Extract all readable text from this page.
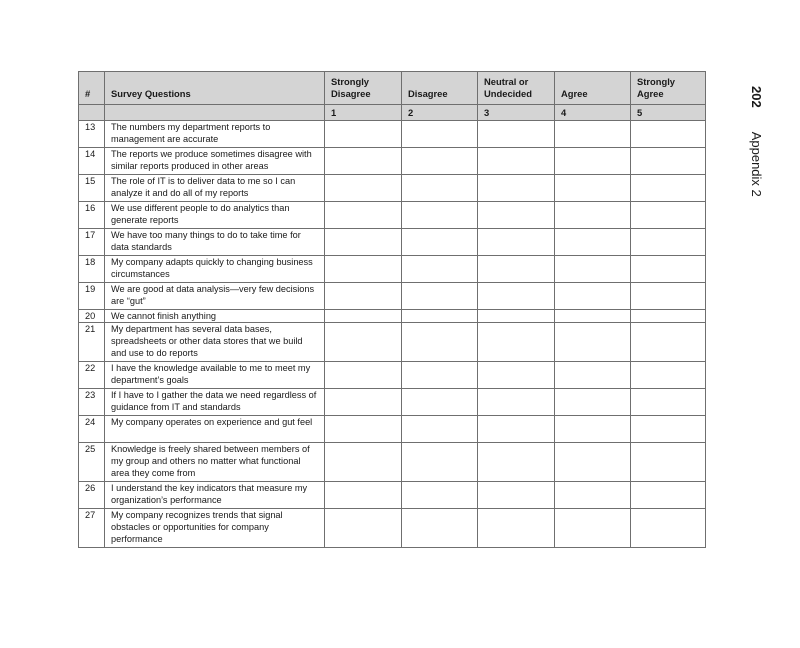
#	Survey Questions	Strongly Disagree	Disagree	Neutral or Undecided	Agree	Strongly Agree
		1	2	3	4	5
13	The numbers my department reports to management are accurate					
14	The reports we produce sometimes disagree with similar reports produced in other areas					
15	The role of IT is to deliver data to me so I can analyze it and do all of my reports					
16	We use different people to do analytics than generate reports					
17	We have too many things to do to take time for data standards					
18	My company adapts quickly to changing business circumstances					
19	We are good at data analysis—very few decisions are “gut”					
20	We cannot finish anything					
21	My department has several data bases, spreadsheets or other data stores that we build and use to do reports					
22	I have the knowledge available to me to meet my department’s goals					
23	If I have to I gather the data we need regardless of guidance from IT and standards					
24	My company operates on experience and gut feel					
25	Knowledge is freely shared between members of my group and others no matter what functional area they come from					
26	I understand the key indicators that measure my organization’s performance					
27	My company recognizes trends that signal obstacles or opportunities for company performance					
202Appendix 2
